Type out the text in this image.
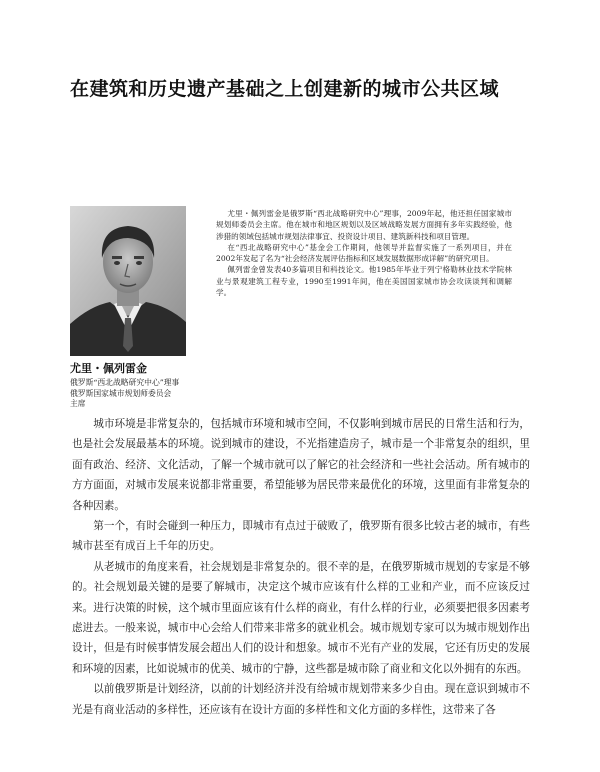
在建筑和历史遗产基础之上创建新的城市公共区域

尤里・佩列雷金是俄罗斯“西北战略研究中心”理事，2009年起，他还担任国家城市规划师委员会主席。他在城市和地区规划以及区域战略发展方面拥有多年实践经验，他涉猎的领域包括城市规划法律事宜、投资设计项目、建筑新科技和项目管理。

在“西北战略研究中心”基金会工作期间，他领导并监督实施了一系列项目，并在2002年发起了名为“社会经济发展评估指标和区域发展数据形成详解”的研究项目。

佩列雷金曾发表40多篇项目和科技论文。他1985年毕业于列宁格勒林业技术学院林业与景观建筑工程专业，1990至1991年间，他在美国国家城市协会攻读谈判和调解学。

尤里・佩列雷金
俄罗斯“西北战略研究中心”理事
俄罗斯国家城市规划师委员会
主席

城市环境是非常复杂的，包括城市环境和城市空间，不仅影响到城市居民的日常生活和行为，也是社会发展最基本的环境。说到城市的建设，不光指建造房子，城市是一个非常复杂的组织，里面有政治、经济、文化活动，了解一个城市就可以了解它的社会经济和一些社会活动。所有城市的方方面面，对城市发展来说都非常重要，希望能够为居民带来最优化的环境，这里面有非常复杂的各种因素。

第一个，有时会碰到一种压力，即城市有点过于破败了，俄罗斯有很多比较古老的城市，有些城市甚至有成百上千年的历史。

从老城市的角度来看，社会规划是非常复杂的。很不幸的是，在俄罗斯城市规划的专家是不够的。社会规划最关键的是要了解城市，决定这个城市应该有什么样的工业和产业，而不应该反过来。进行决策的时候，这个城市里面应该有什么样的商业，有什么样的行业，必须要把很多因素考虑进去。一般来说，城市中心会给人们带来非常多的就业机会。城市规划专家可以为城市规划作出设计，但是有时候事情发展会超出人们的设计和想象。城市不光有产业的发展，它还有历史的发展和环境的因素，比如说城市的优美、城市的宁静，这些都是城市除了商业和文化以外拥有的东西。

以前俄罗斯是计划经济，以前的计划经济并没有给城市规划带来多少自由。现在意识到城市不光是有商业活动的多样性，还应该有在设计方面的多样性和文化方面的多样性，这带来了各
